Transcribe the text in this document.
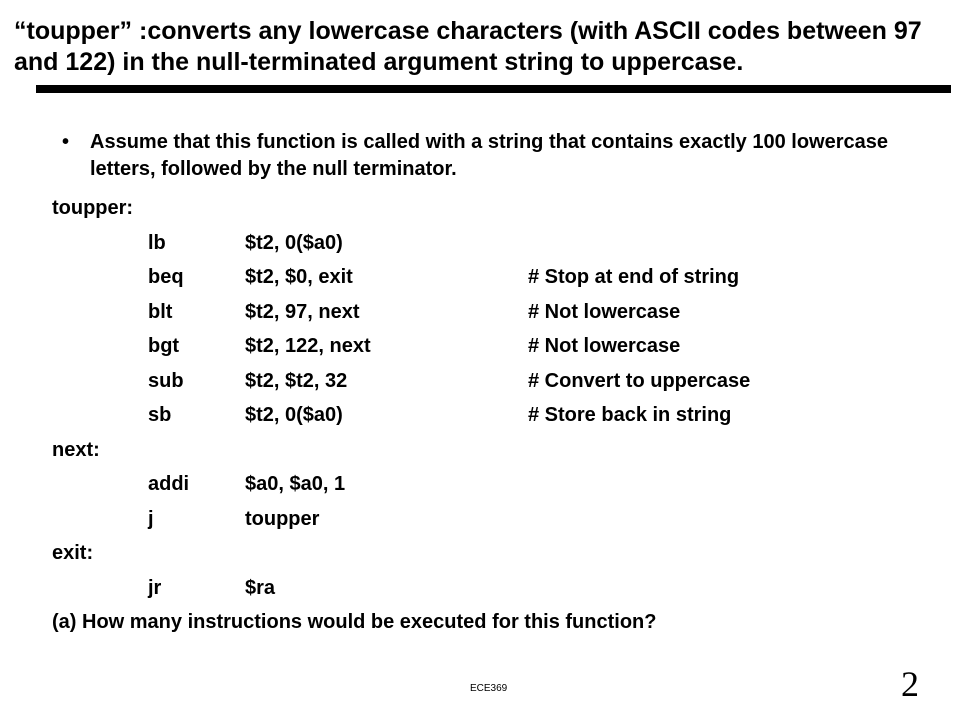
“toupper” :converts any lowercase characters (with ASCII codes between 97 and 122) in the null-terminated argument string to uppercase.
• Assume that this function is called with a string that contains exactly 100 lowercase letters, followed by the null terminator.
toupper:
lb	$t2, 0($a0)
beq	$t2, $0, exit	# Stop at end of string
blt	$t2, 97, next	# Not lowercase
bgt	$t2, 122, next	# Not lowercase
sub	$t2, $t2, 32	# Convert to uppercase
sb	$t2, 0($a0)	# Store back in string
next:
addi	$a0, $a0, 1
j	toupper
exit:
jr	$ra
(a) How many instructions would be executed for this function?
ECE369	2
